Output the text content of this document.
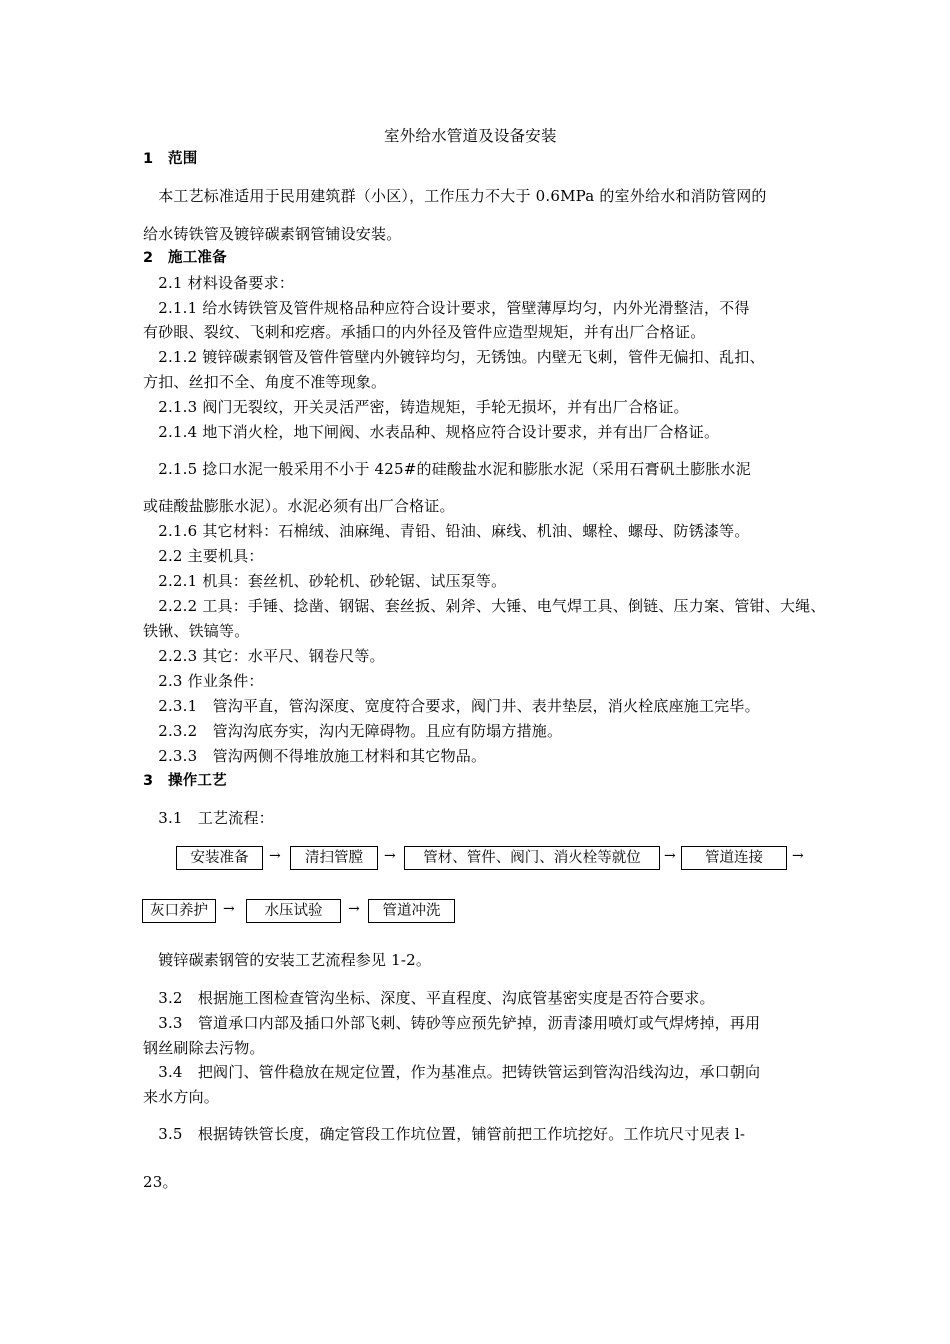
室外给水管道及设备安装
1　范围
　本工艺标准适用于民用建筑群（小区），工作压力不大于 0.6MPa 的室外给水和消防管网的
给水铸铁管及镀锌碳素钢管铺设安装。
2　施工准备
　2.1 材料设备要求：
　2.1.1 给水铸铁管及管件规格品种应符合设计要求，管壁薄厚均匀，内外光滑整洁，不得
有砂眼、裂纹、飞刺和疙瘩。承插口的内外径及管件应造型规矩，并有出厂合格证。
　2.1.2 镀锌碳素钢管及管件管壁内外镀锌均匀，无锈蚀。内壁无飞刺，管件无偏扣、乱扣、
方扣、丝扣不全、角度不准等现象。
　2.1.3 阀门无裂纹，开关灵活严密，铸造规矩，手轮无损坏，并有出厂合格证。
　2.1.4 地下消火栓，地下闸阀、水表品种、规格应符合设计要求，并有出厂合格证。
　2.1.5 捻口水泥一般采用不小于 425#的硅酸盐水泥和膨胀水泥（采用石膏矾土膨胀水泥
或硅酸盐膨胀水泥）。水泥必须有出厂合格证。
　2.1.6 其它材料：石棉绒、油麻绳、青铅、铅油、麻线、机油、螺栓、螺母、防锈漆等。
　2.2 主要机具：
　2.2.1 机具：套丝机、砂轮机、砂轮锯、试压泵等。
　2.2.2 工具：手锤、捻凿、钢锯、套丝扳、剁斧、大锤、电气焊工具、倒链、压力案、管钳、大绳、
铁锹、铁镐等。
　2.2.3 其它：水平尺、钢卷尺等。
　2.3 作业条件：
　2.3.1　管沟平直，管沟深度、宽度符合要求，阀门井、表井垫层，消火栓底座施工完毕。
　2.3.2　管沟沟底夯实，沟内无障碍物。且应有防塌方措施。
　2.3.3　管沟两侧不得堆放施工材料和其它物品。
3　操作工艺
　3.1　工艺流程：
安装准备	→	清扫管膛	→	管材、管件、阀门、消火栓等就位	→	管道连接	→
灰口养护	→	水压试验	→	管道冲洗
　镀锌碳素钢管的安装工艺流程参见 1-2。
　3.2　根据施工图检查管沟坐标、深度、平直程度、沟底管基密实度是否符合要求。
　3.3　管道承口内部及插口外部飞刺、铸砂等应预先铲掉，沥青漆用喷灯或气焊烤掉，再用
钢丝刷除去污物。
　3.4　把阀门、管件稳放在规定位置，作为基准点。把铸铁管运到管沟沿线沟边，承口朝向
来水方向。
　3.5　根据铸铁管长度，确定管段工作坑位置，铺管前把工作坑挖好。工作坑尺寸见表 l-
23。
